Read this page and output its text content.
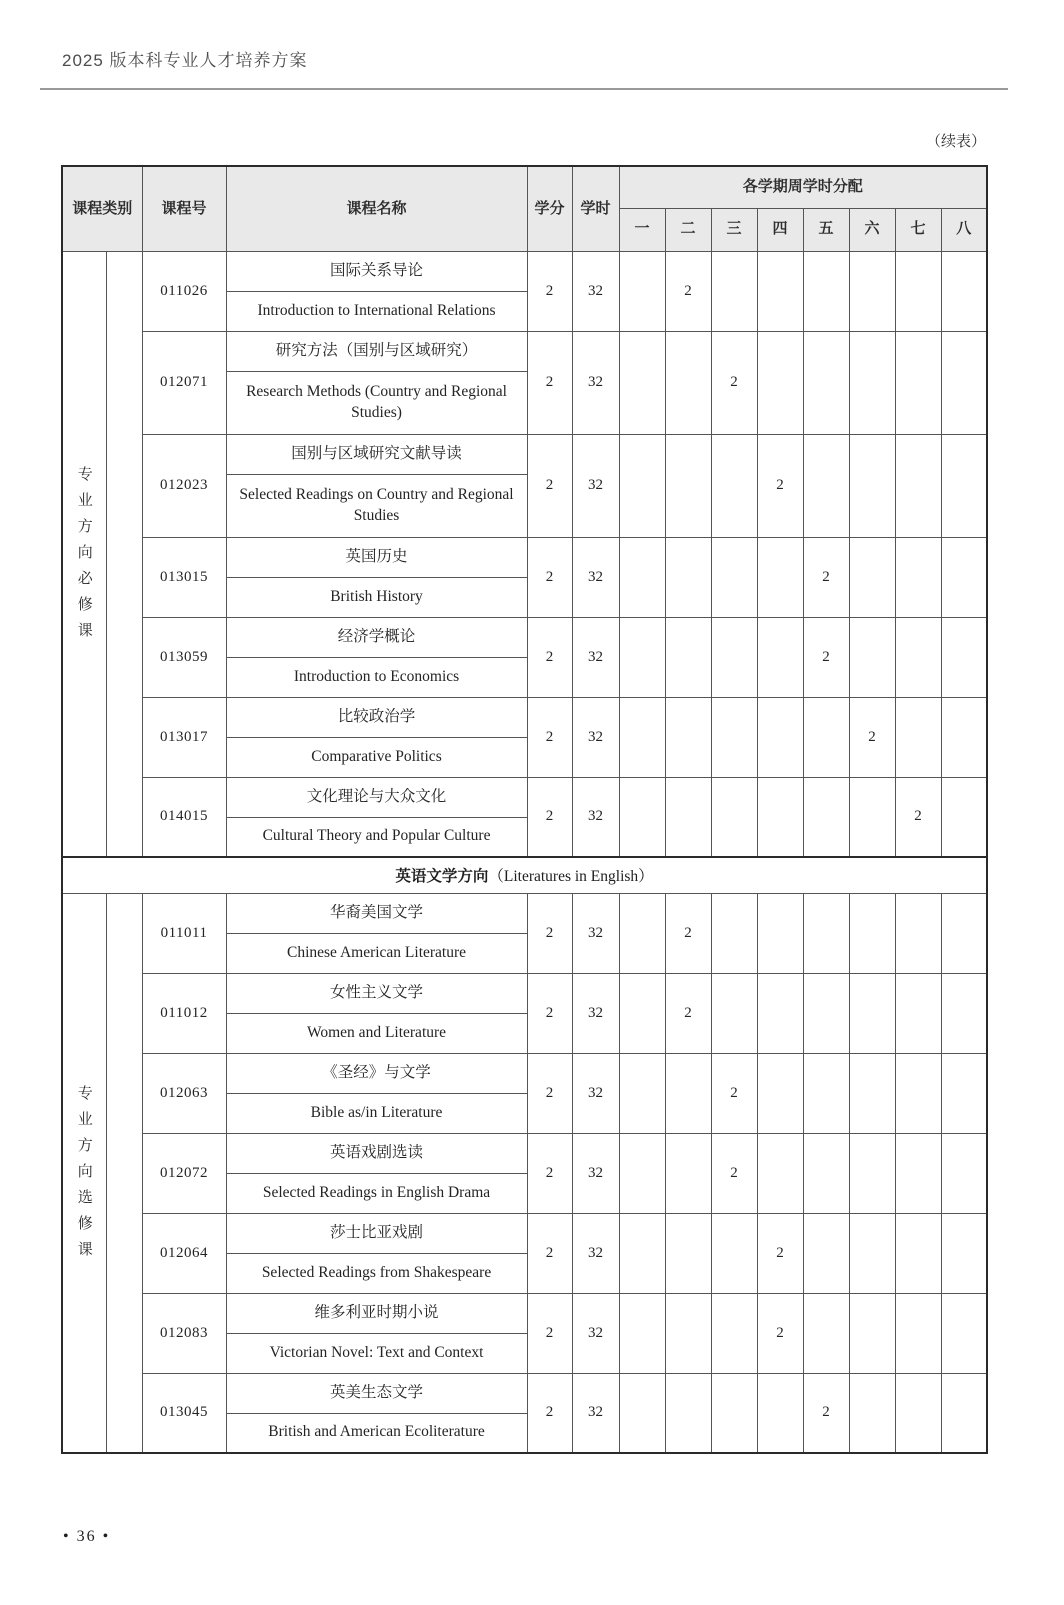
2025 版本科专业人才培养方案
（续表）
课程类别		课程号	课程名称	学分	学时	各学期周学时分配							
						一	二	三	四	五	六	七	八
专业方向必修课		011026	国际关系导论	2	32		2						
			Introduction to International Relations										
		012071	研究方法（国别与区域研究）	2	32			2					
			Research Methods (Country and Regional Studies)										
		012023	国别与区域研究文献导读	2	32				2				
			Selected Readings on Country and Regional Studies										
		013015	英国历史	2	32					2			
			British History										
		013059	经济学概论	2	32					2			
			Introduction to Economics										
		013017	比较政治学	2	32						2		
			Comparative Politics										
		014015	文化理论与大众文化	2	32							2	
			Cultural Theory and Popular Culture										
英语文学方向（Literatures in English）													
专业方向选修课		011011	华裔美国文学	2	32		2						
			Chinese American Literature										
		011012	女性主义文学	2	32		2						
			Women and Literature										
		012063	《圣经》与文学	2	32			2					
			Bible as/in Literature										
		012072	英语戏剧选读	2	32			2					
			Selected Readings in English Drama										
		012064	莎士比亚戏剧	2	32				2				
			Selected Readings from Shakespeare										
		012083	维多利亚时期小说	2	32				2				
			Victorian Novel: Text and Context										
		013045	英美生态文学	2	32					2			
			British and American Ecoliterature										
• 36 •
